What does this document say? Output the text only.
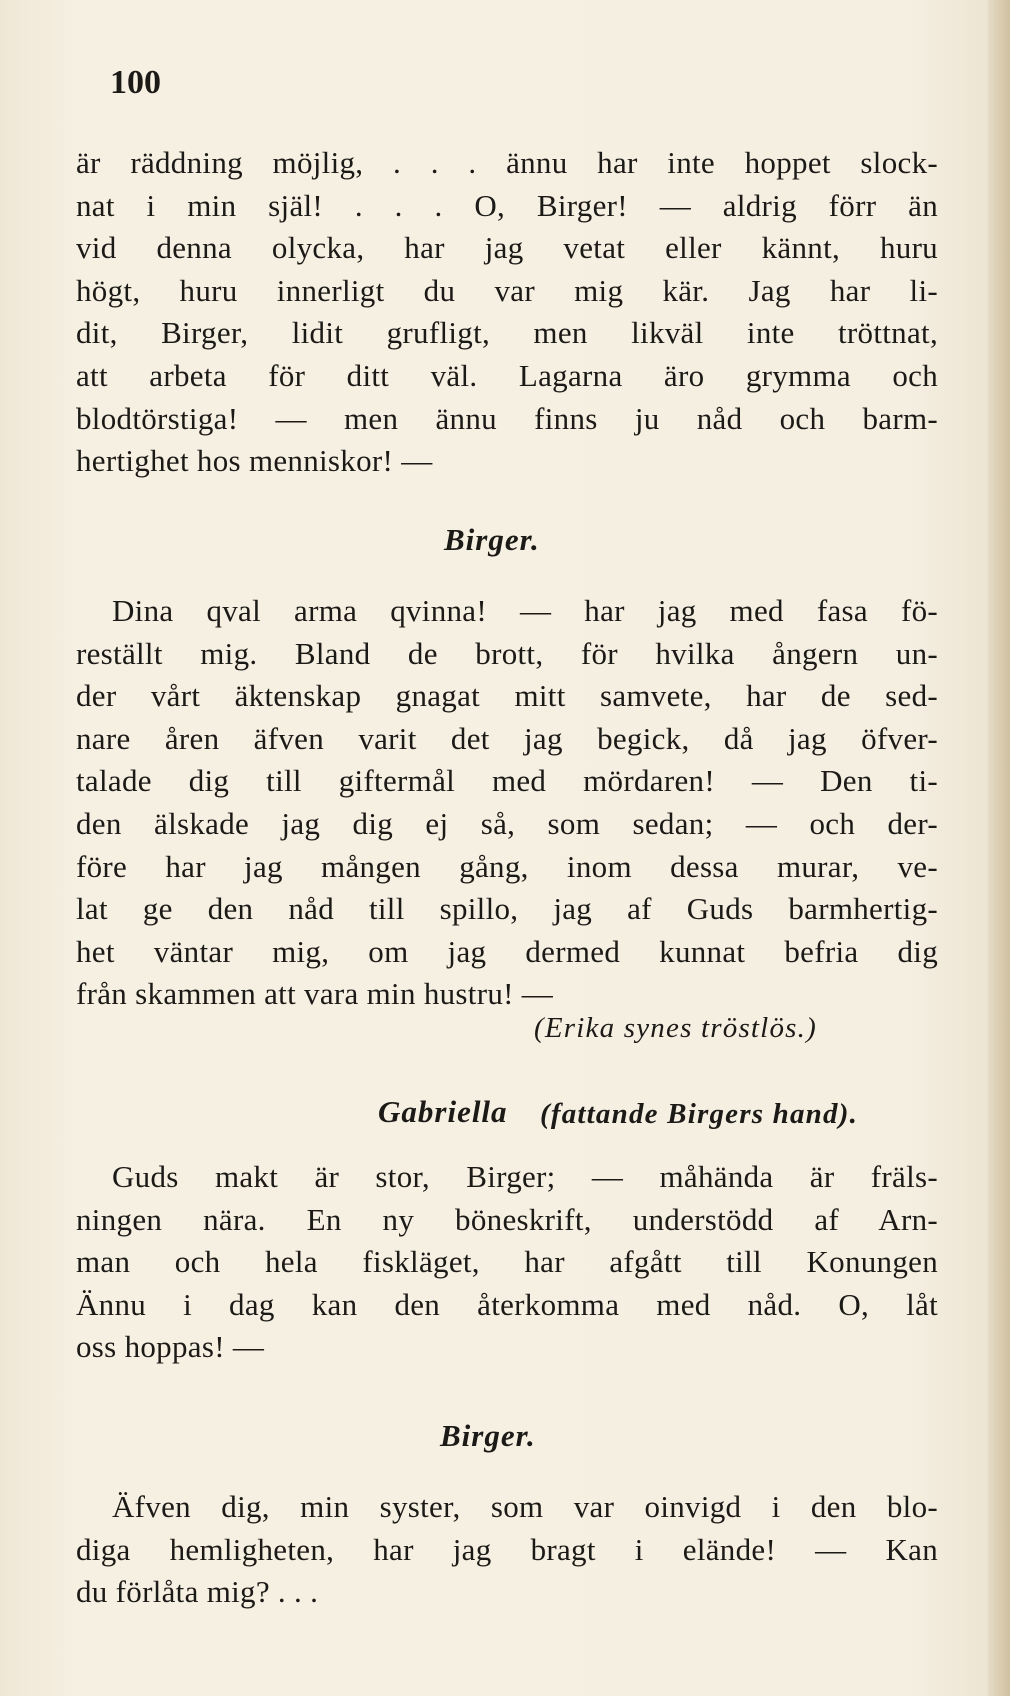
100
är räddning möjlig, . . . ännu har inte hoppet slock-
nat i min själ! . . . O, Birger! — aldrig förr än
vid denna olycka, har jag vetat eller kännt, huru
högt, huru innerligt du var mig kär. Jag har li-
dit, Birger, lidit grufligt, men likväl inte tröttnat,
att arbeta för ditt väl. Lagarna äro grymma och
blodtörstiga! — men ännu finns ju nåd och barm-
hertighet hos menniskor! —
Birger.
Dina qval arma qvinna! — har jag med fasa fö-
reställt mig. Bland de brott, för hvilka ångern un-
der vårt äktenskap gnagat mitt samvete, har de sed-
nare åren äfven varit det jag begick, då jag öfver-
talade dig till giftermål med mördaren! — Den ti-
den älskade jag dig ej så, som sedan; — och der-
före har jag mången gång, inom dessa murar, ve-
lat ge den nåd till spillo, jag af Guds barmhertig-
het väntar mig, om jag dermed kunnat befria dig
från skammen att vara min hustru! —
(Erika synes tröstlös.)
Gabriella (fattande Birgers hand).
Guds makt är stor, Birger; — måhända är fräls-
ningen nära. En ny böneskrift, understödd af Arn-
man och hela fiskläget, har afgått till Konungen
Ännu i dag kan den återkomma med nåd. O, låt
oss hoppas! —
Birger.
Äfven dig, min syster, som var oinvigd i den blo-
diga hemligheten, har jag bragt i elände! — Kan
du förlåta mig? . . .
